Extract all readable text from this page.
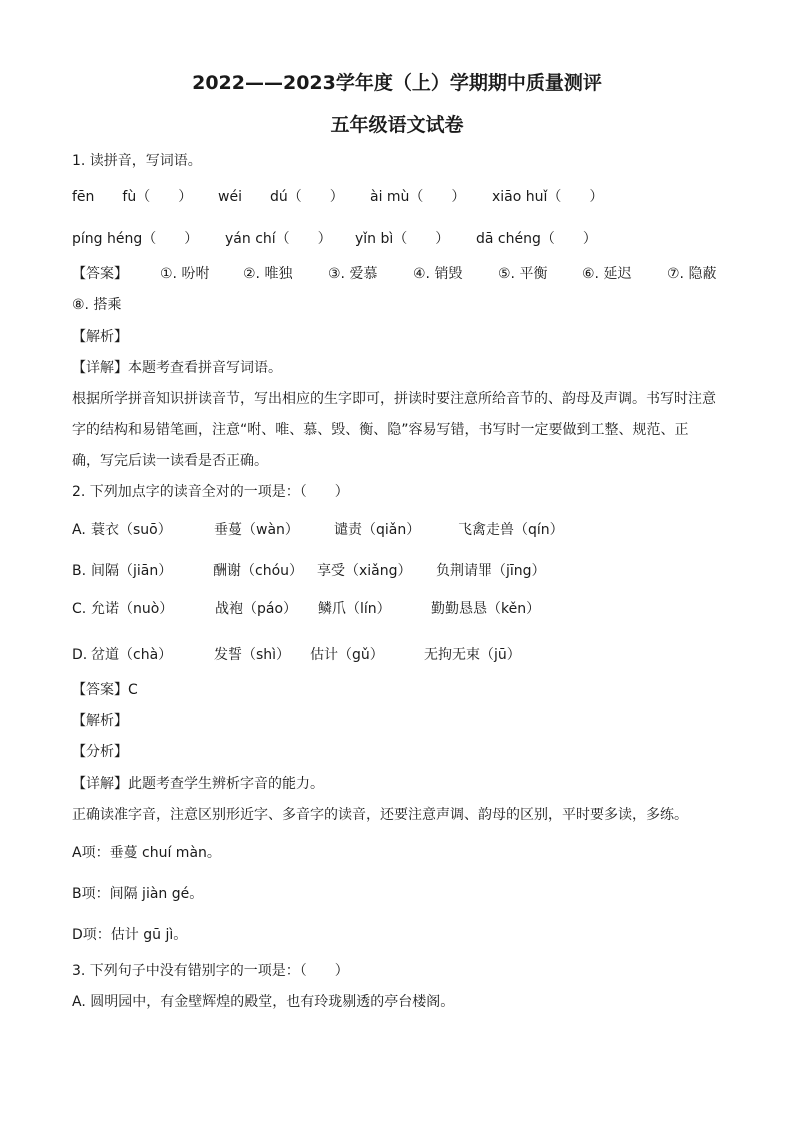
2022——2023学年度（上）学期期中质量测评
五年级语文试卷
1. 读拼音，写词语。
fēn　　fù（　　） wéi　　dú（　　） ài mù（　　） xiāo huǐ（　　）
píng héng（　　） yán chí（　　） yǐn bì（　　） dā chéng（　　）
【答案】 ①. 吩咐 ②. 唯独	③. 爱慕	④. 销毁	⑤. 平衡 ⑥. 延迟	⑦. 隐蔽
⑧. 搭乘
【解析】
【详解】本题考查看拼音写词语。
根据所学拼音知识拼读音节，写出相应的生字即可，拼读时要注意所给音节的、韵母及声调。书写时注意
字的结构和易错笔画，注意“咐、唯、慕、毁、衡、隐”容易写错，书写时一定要做到工整、规范、正
确，写完后读一读看是否正确。
2. 下列加点字的读音全对的一项是：（　　）
A. 蓑衣（suō）	垂蔓（wàn）	谴责（qiǎn）	飞禽走兽（qín）
B. 间隔（jiān）	酬谢（chóu） 享受（xiǎng） 负荆请罪（jīng）
C. 允诺（nuò）	战袍（páo） 鳞爪（lín）	勤勤恳恳（kěn）
D. 岔道（chà）	发誓（shì） 估计（gǔ）	无拘无束（jū）
【答案】 C
【解析】
【分析】
【详解】此题考查学生辨析字音的能力。
正确读准字音，注意区别形近字、多音字的读音，还要注意声调、韵母的区别，平时要多读，多练。
A项：垂蔓 chuí màn。
B项：间隔 jiàn gé。
D项：估计 gū jì。
3. 下列句子中没有错别字的一项是：（　　）
A. 圆明园中，有金壁辉煌的殿堂，也有玲珑剔透的亭台楼阁。
